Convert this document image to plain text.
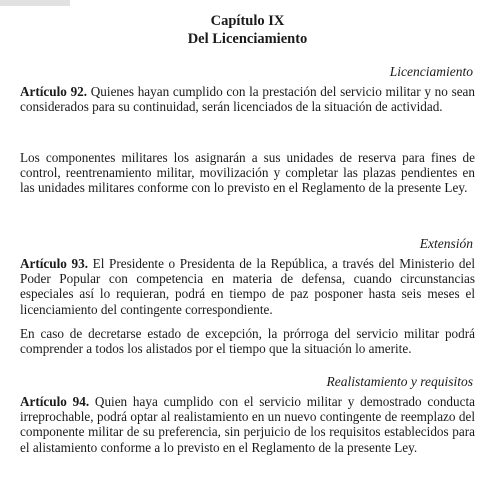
Capítulo IX
Del Licenciamiento
Licenciamiento

Artículo 92. Quienes hayan cumplido con la prestación del servicio militar y no sean considerados para su continuidad, serán licenciados de la situación de actividad.

Los componentes militares los asignarán a sus unidades de reserva para fines de control, reentrenamiento militar, movilización y completar las plazas pendientes en las unidades militares conforme con lo previsto en el Reglamento de la presente Ley.

Extensión

Artículo 93. El Presidente o Presidenta de la República, a través del Ministerio del Poder Popular con competencia en materia de defensa, cuando circunstancias especiales así lo requieran, podrá en tiempo de paz posponer hasta seis meses el licenciamiento del contingente correspondiente.

En caso de decretarse estado de excepción, la prórroga del servicio militar podrá comprender a todos los alistados por el tiempo que la situación lo amerite.

Realistamiento y requisitos

Artículo 94. Quien haya cumplido con el servicio militar y demostrado conducta irreprochable, podrá optar al realistamiento en un nuevo contingente de reemplazo del componente militar de su preferencia, sin perjuicio de los requisitos establecidos para el alistamiento conforme a lo previsto en el Reglamento de la presente Ley.
